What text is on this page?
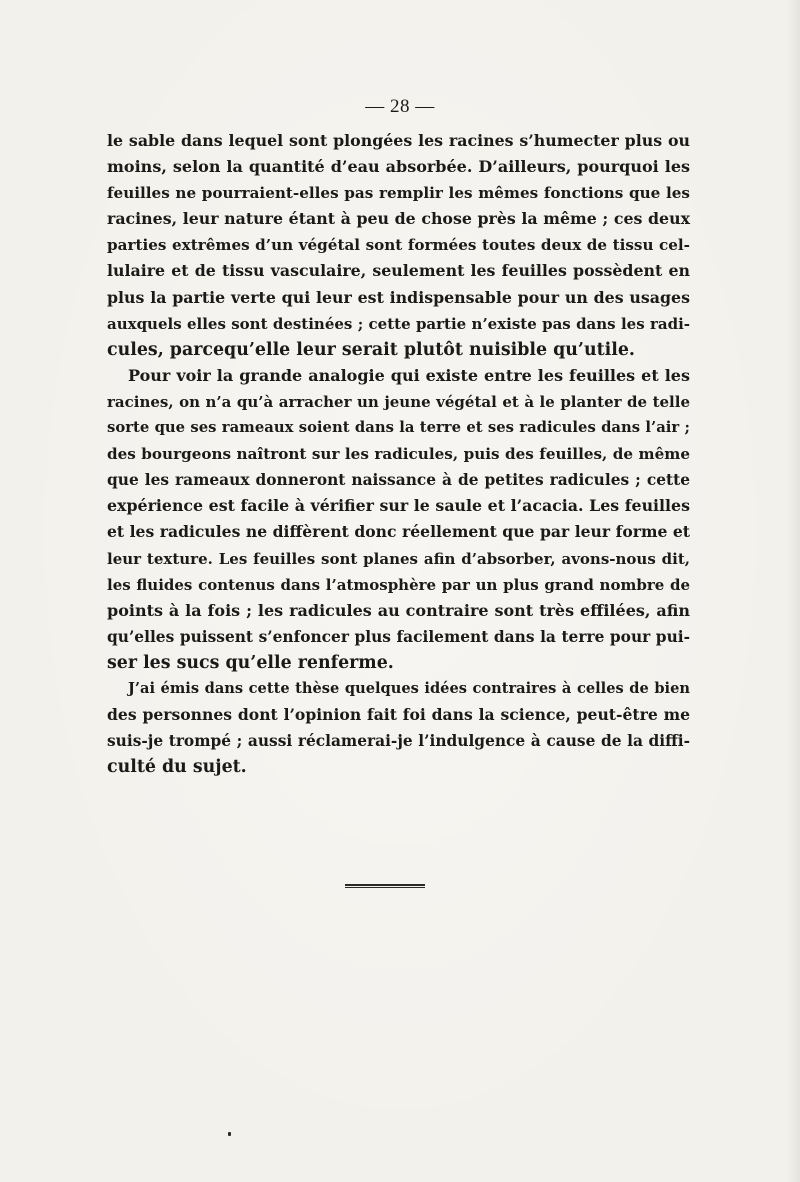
— 28 —
le sable dans lequel sont plongées les racines s’humecter plus ou
moins, selon la quantité d’eau absorbée. D’ailleurs, pourquoi les
feuilles ne pourraient-elles pas remplir les mêmes fonctions que les
racines, leur nature étant à peu de chose près la même ; ces deux
parties extrêmes d’un végétal sont formées toutes deux de tissu cel-
lulaire et de tissu vasculaire, seulement les feuilles possèdent en
plus la partie verte qui leur est indispensable pour un des usages
auxquels elles sont destinées ; cette partie n’existe pas dans les radi-
cules, parcequ’elle leur serait plutôt nuisible qu’utile.
Pour voir la grande analogie qui existe entre les feuilles et les
racines, on n’a qu’à arracher un jeune végétal et à le planter de telle
sorte que ses rameaux soient dans la terre et ses radicules dans l’air ;
des bourgeons naîtront sur les radicules, puis des feuilles, de même
que les rameaux donneront naissance à de petites radicules ; cette
expérience est facile à vérifier sur le saule et l’acacia. Les feuilles
et les radicules ne diffèrent donc réellement que par leur forme et
leur texture. Les feuilles sont planes afin d’absorber, avons-nous dit,
les fluides contenus dans l’atmosphère par un plus grand nombre de
points à la fois ; les radicules au contraire sont très effilées, afin
qu’elles puissent s’enfoncer plus facilement dans la terre pour pui-
ser les sucs qu’elle renferme.
J’ai émis dans cette thèse quelques idées contraires à celles de bien
des personnes dont l’opinion fait foi dans la science, peut-être me
suis-je trompé ; aussi réclamerai-je l’indulgence à cause de la diffi-
culté du sujet.
